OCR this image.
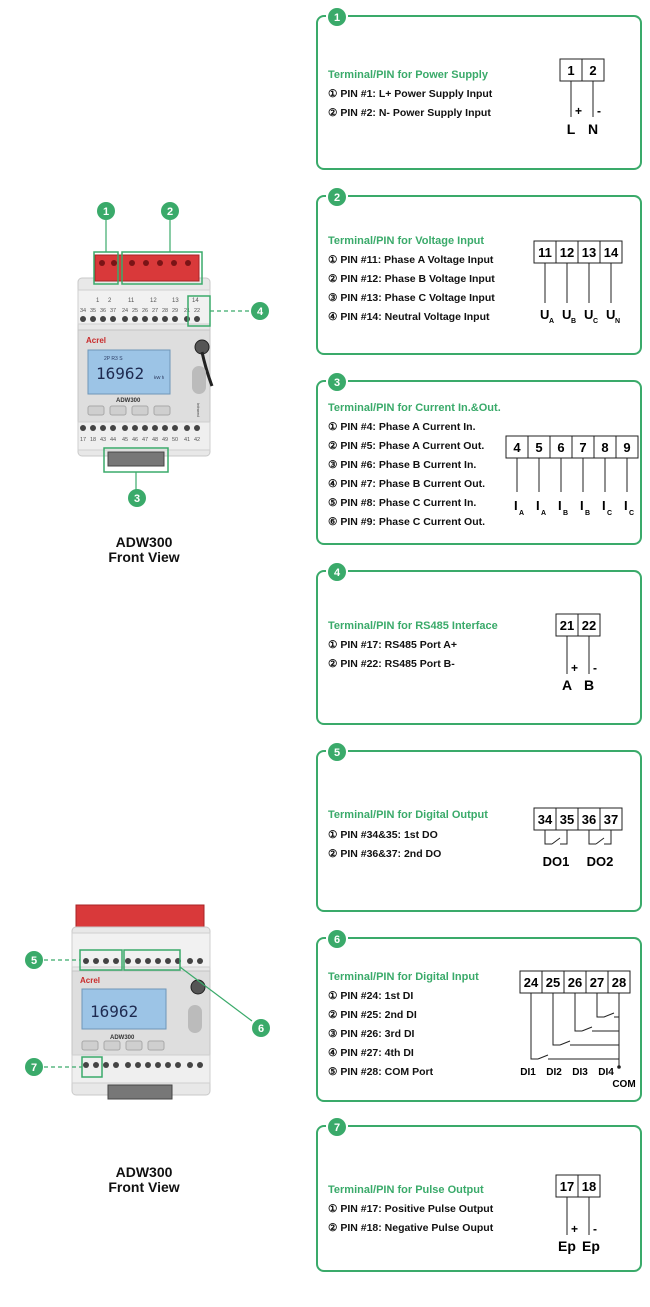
1 2	11	12	13 14
34 35 36 37 24 25 26 27 28 29 21 22
Acrel
2P R3 S
16962 kW h
ADW300
Infrared
17 18 43 44 45 46 47 48 49 50 41 42
1	2
4
3
ADW300
Front View
Acrel
16962
ADW300
5
6
7
ADW300
Front View
1
Terminal/PIN for Power Supply
① PIN #1: L+ Power Supply Input
② PIN #2: N- Power Supply Input
1 2
+ -
L N
2
Terminal/PIN for Voltage Input
① PIN #11: Phase A Voltage Input
② PIN #12: Phase B Voltage Input
③ PIN #13: Phase C Voltage Input
④ PIN #14: Neutral Voltage Input
11 12 13 14
U A U B U C U N
3
Terminal/PIN for Current In.&Out.
① PIN #4: Phase A Current In.
② PIN #5: Phase A Current Out.
③ PIN #6: Phase B Current In.
④ PIN #7: Phase B Current Out.
⑤ PIN #8: Phase C Current In.
⑥ PIN #9: Phase C Current Out.
4 5 6 7 8 9
I
A
I
A
I
B
I
B
I
C
I
C
4
Terminal/PIN for RS485 Interface
① PIN #17: RS485 Port A+
② PIN #22: RS485 Port B-
21 22
+ -
A B
5
Terminal/PIN for Digital Output
① PIN #34&35: 1st DO
② PIN #36&37: 2nd DO
34 35 36 37
DO1 DO2
6
Terminal/PIN for Digital Input
① PIN #24: 1st DI
② PIN #25: 2nd DI
③ PIN #26: 3rd DI
④ PIN #27: 4th DI
⑤ PIN #28: COM Port
24 25 26 27 28
DI1 DI2 DI3 DI4
COM
7
Terminal/PIN for Pulse Output
① PIN #17: Positive Pulse Output
② PIN #18: Negative Pulse Ouput
17 18
+ -
Ep Ep
